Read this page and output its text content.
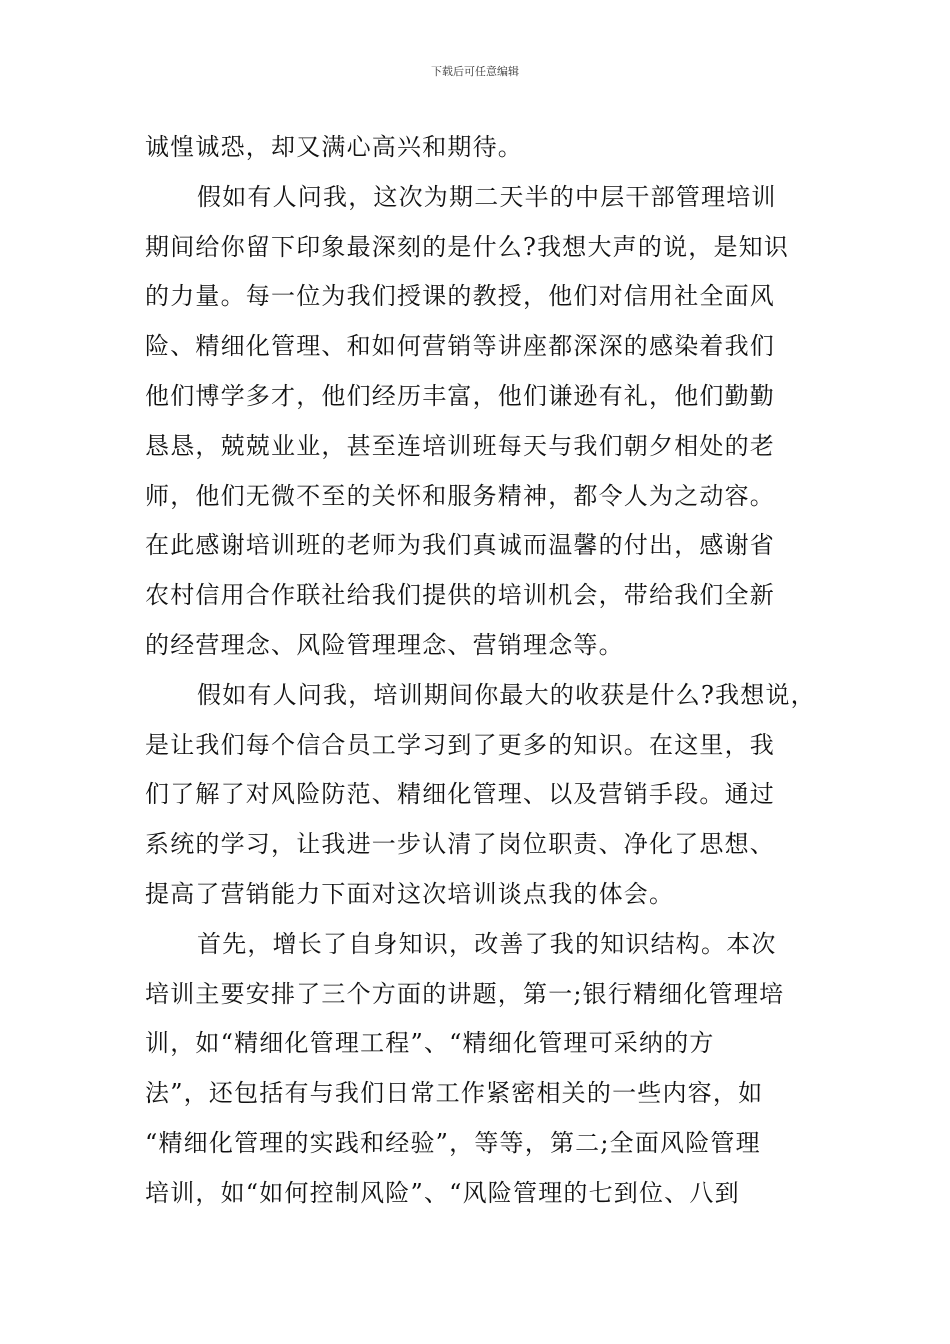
下载后可任意编辑
诚惶诚恐，却又满心高兴和期待。
假如有人问我，这次为期二天半的中层干部管理培训
期间给你留下印象最深刻的是什么?我想大声的说，是知识
的力量。每一位为我们授课的教授，他们对信用社全面风
险、精细化管理、和如何营销等讲座都深深的感染着我们
他们博学多才，他们经历丰富，他们谦逊有礼，他们勤勤
恳恳，兢兢业业，甚至连培训班每天与我们朝夕相处的老
师，他们无微不至的关怀和服务精神，都令人为之动容。
在此感谢培训班的老师为我们真诚而温馨的付出，感谢省
农村信用合作联社给我们提供的培训机会，带给我们全新
的经营理念、风险管理理念、营销理念等。
假如有人问我，培训期间你最大的收获是什么?我想说，
是让我们每个信合员工学习到了更多的知识。在这里，我
们了解了对风险防范、精细化管理、以及营销手段。通过
系统的学习，让我进一步认清了岗位职责、净化了思想、
提高了营销能力下面对这次培训谈点我的体会。
首先，增长了自身知识，改善了我的知识结构。本次
培训主要安排了三个方面的讲题，第一;银行精细化管理培
训，如“精细化管理工程”、“精细化管理可采纳的方
法”，还包括有与我们日常工作紧密相关的一些内容，如
“精细化管理的实践和经验”，等等，第二;全面风险管理
培训，如“如何控制风险”、“风险管理的七到位、八到
